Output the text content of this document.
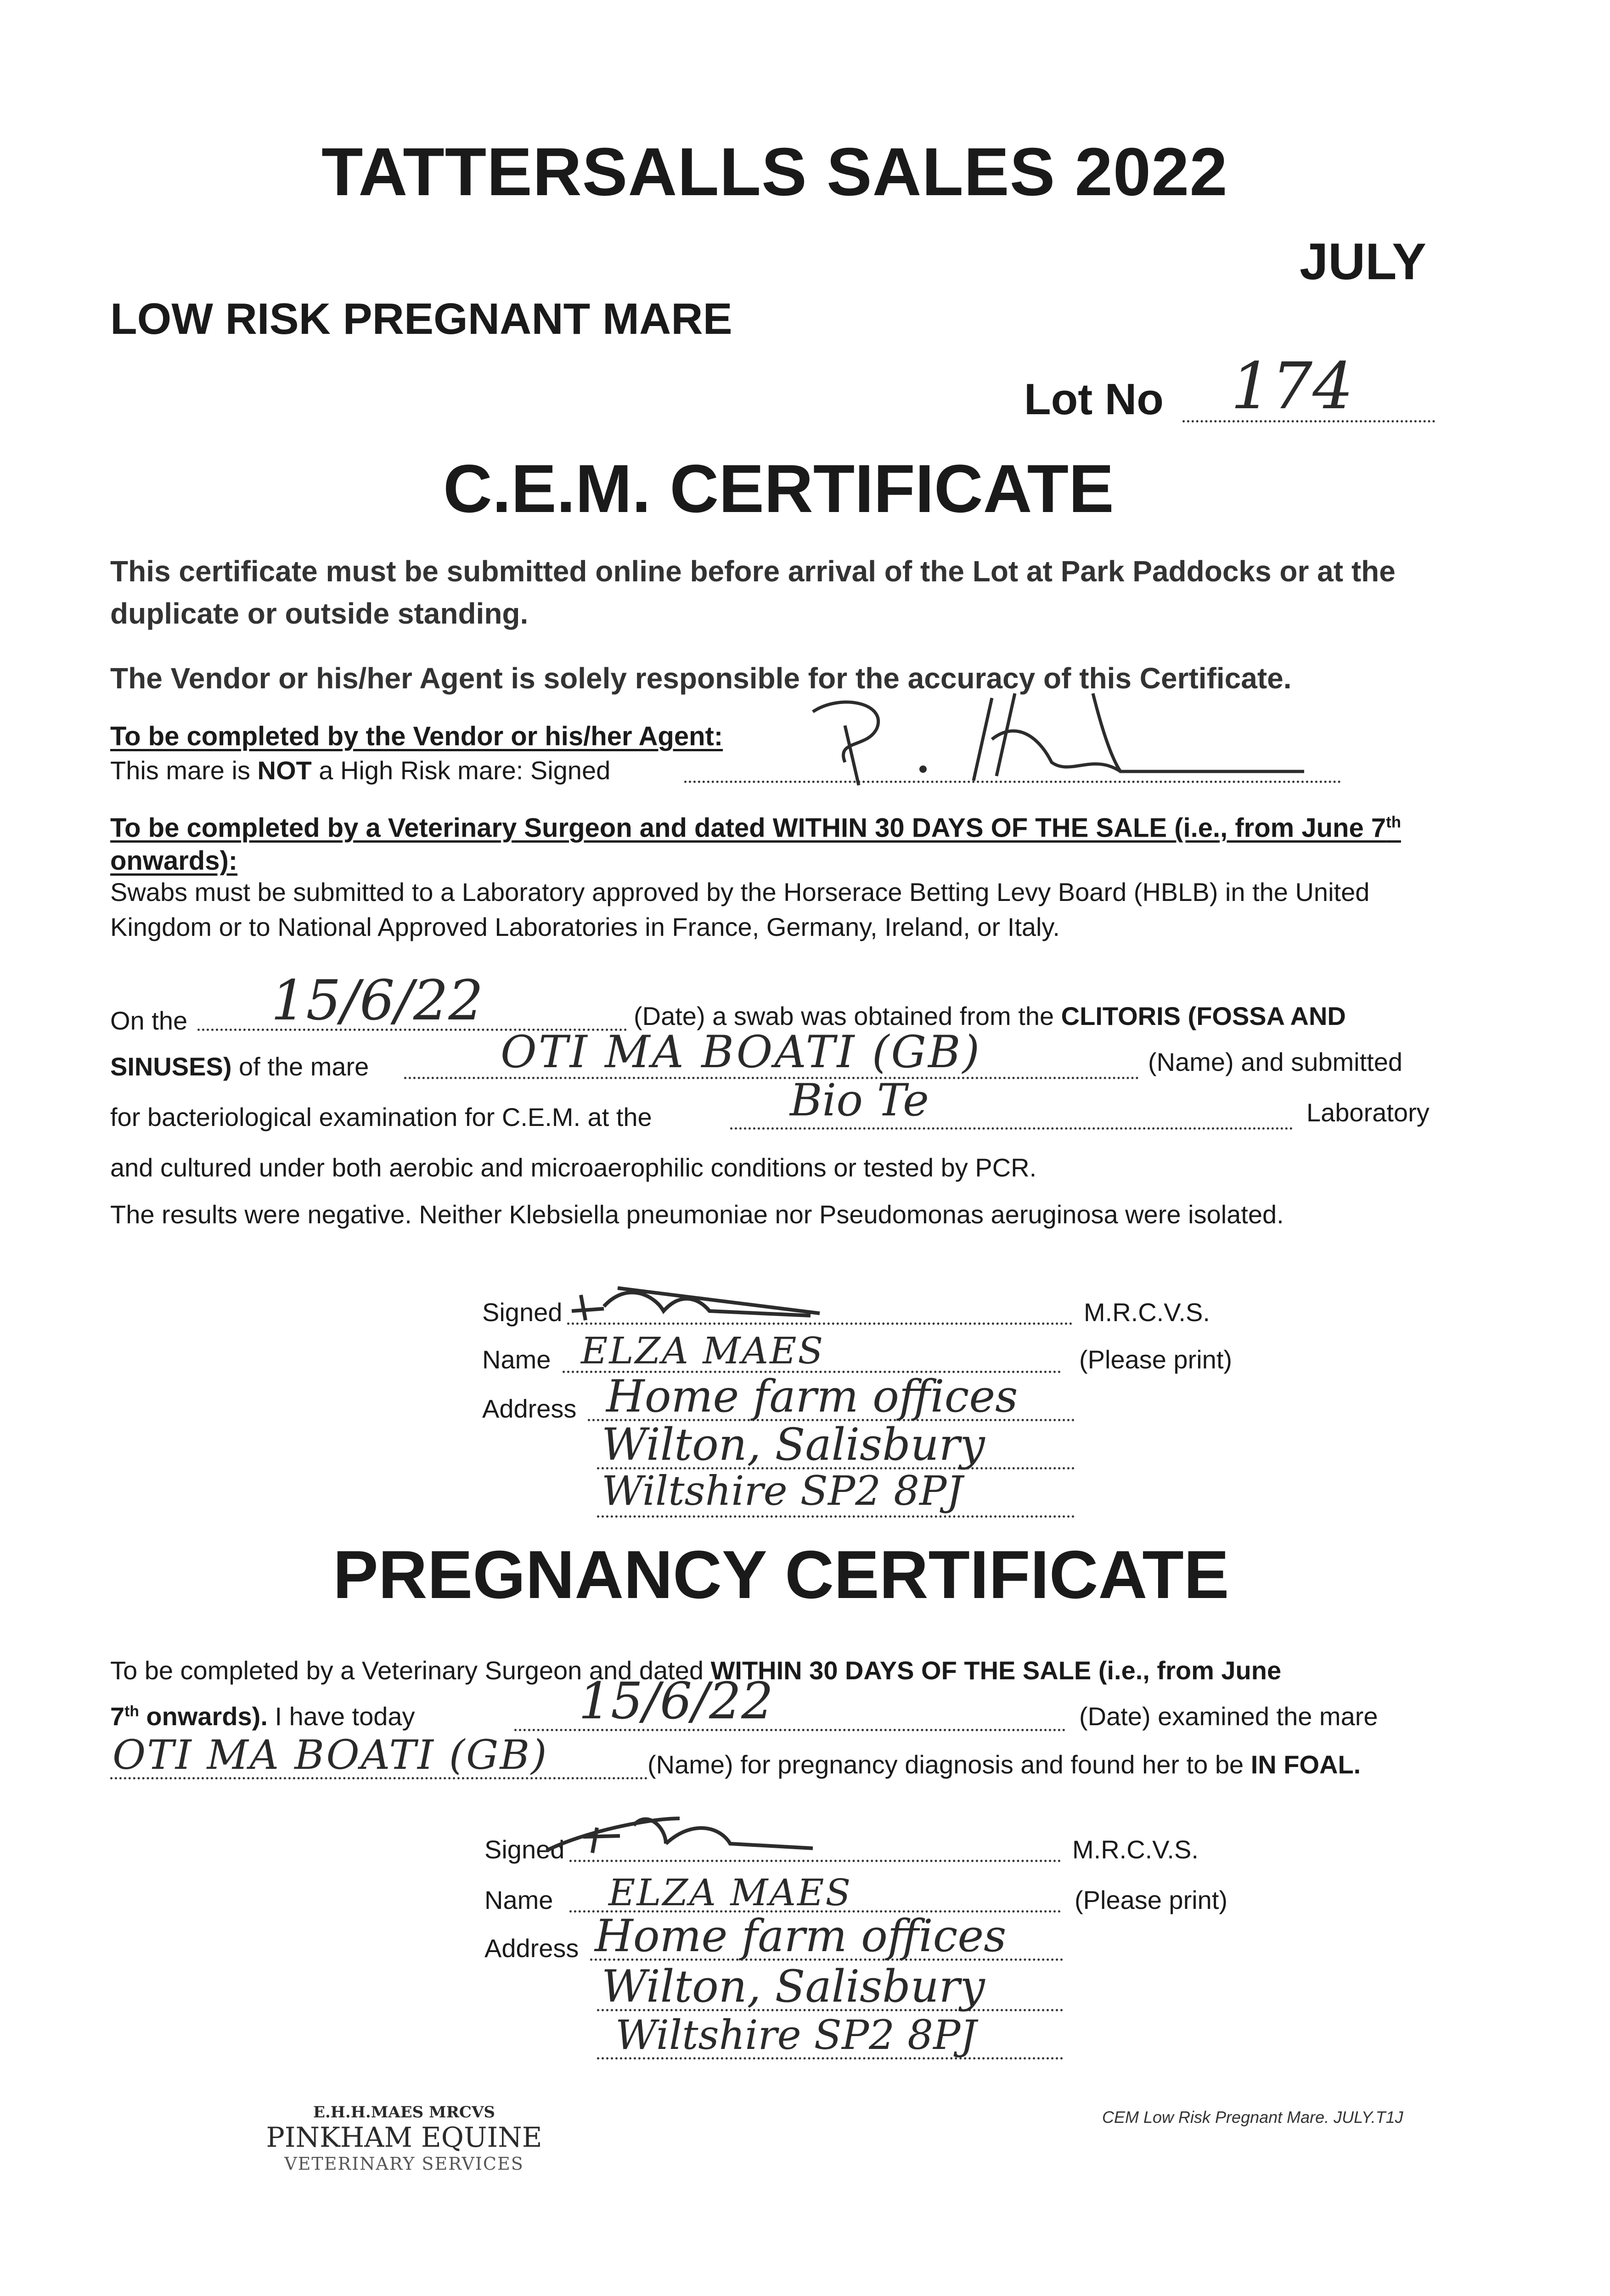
TATTERSALLS SALES 2022
JULY
LOW RISK PREGNANT MARE
Lot No 174
C.E.M. CERTIFICATE
This certificate must be submitted online before arrival of the Lot at Park Paddocks or at the duplicate or outside standing.
The Vendor or his/her Agent is solely responsible for the accuracy of this Certificate.
To be completed by the Vendor or his/her Agent:
This mare is NOT a High Risk mare: Signed
To be completed by a Veterinary Surgeon and dated WITHIN 30 DAYS OF THE SALE (i.e., from June 7th onwards):
Swabs must be submitted to a Laboratory approved by the Horserace Betting Levy Board (HBLB) in the United Kingdom or to National Approved Laboratories in France, Germany, Ireland, or Italy.
On the 15/6/22	(Date) a swab was obtained from the CLITORIS (FOSSA AND
SINUSES) of the mare	OTI MA BOATI (GB)	(Name) and submitted
for bacteriological examination for C.E.M. at the	Bio Te	Laboratory
and cultured under both aerobic and microaerophilic conditions or tested by PCR.
The results were negative. Neither Klebsiella pneumoniae nor Pseudomonas aeruginosa were isolated.
Signed	M.R.C.V.S.
Name ELZA MAES	(Please print)
Address Home farm offices
Wilton, Salisbury
Wiltshire SP2 8PJ
PREGNANCY CERTIFICATE
To be completed by a Veterinary Surgeon and dated WITHIN 30 DAYS OF THE SALE (i.e., from June
7th onwards). I have today	15/6/22	(Date) examined the mare
OTI MA BOATI (GB)	(Name) for pregnancy diagnosis and found her to be IN FOAL.
Signed	M.R.C.V.S.
Name ELZA MAES	(Please print)
Address Home farm offices
Wilton, Salisbury
Wiltshire SP2 8PJ
E.H.H.MAES MRCVS
PINKHAM EQUINE
VETERINARY SERVICES
CEM Low Risk Pregnant Mare. JULY.T1J
